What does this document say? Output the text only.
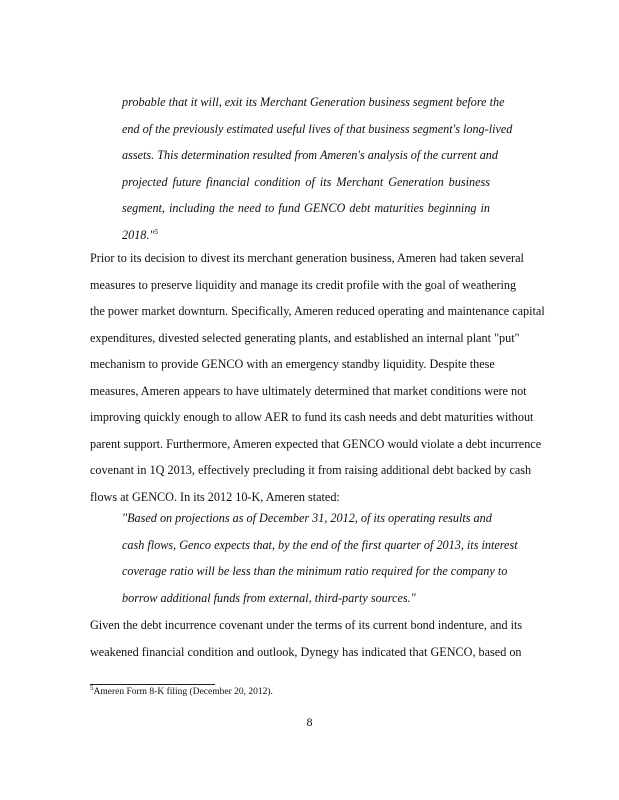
probable that it will, exit its Merchant Generation business segment before the
end of the previously estimated useful lives of that business segment's long-lived
assets. This determination resulted from Ameren's analysis of the current and
projected future financial condition of its Merchant Generation business
segment, including the need to fund GENCO debt maturities beginning in
2018."$^5$
Prior to its decision to divest its merchant generation business, Ameren had taken several
measures to preserve liquidity and manage its credit profile with the goal of weathering
the power market downturn. Specifically, Ameren reduced operating and maintenance capital
expenditures, divested selected generating plants, and established an internal plant "put"
mechanism to provide GENCO with an emergency standby liquidity. Despite these
measures, Ameren appears to have ultimately determined that market conditions were not
improving quickly enough to allow AER to fund its cash needs and debt maturities without
parent support. Furthermore, Ameren expected that GENCO would violate a debt incurrence
covenant in 1Q 2013, effectively precluding it from raising additional debt backed by cash
flows at GENCO. In its 2012 10-K, Ameren stated:
"Based on projections as of December 31, 2012, of its operating results and
cash flows, Genco expects that, by the end of the first quarter of 2013, its interest
coverage ratio will be less than the minimum ratio required for the company to
borrow additional funds from external, third-party sources."
Given the debt incurrence covenant under the terms of its current bond indenture, and its
weakened financial condition and outlook, Dynegy has indicated that GENCO, based on
$^5$Ameren Form 8-K filing (December 20, 2012).
8
